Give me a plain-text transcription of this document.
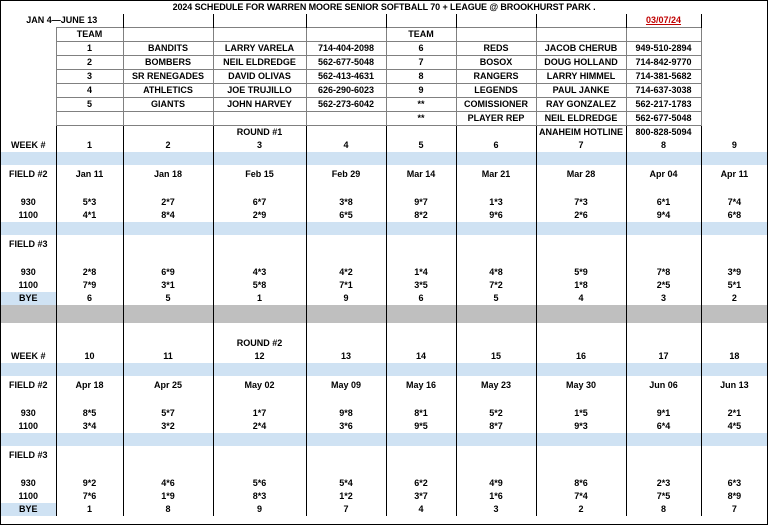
2024 SCHEDULE FOR WARREN MOORE SENIOR SOFTBALL 70 + LEAGUE @ BROOKHURST PARK .									
JAN 4—JUNE 13								03/07/24	
	TEAM				TEAM				
	1	BANDITS	LARRY VARELA	714-404-2098	6	REDS	JACOB CHERUB	949-510-2894	
	2	BOMBERS	NEIL ELDREDGE	562-677-5048	7	BOSOX	DOUG HOLLAND	714-842-9770	
	3	SR RENEGADES	DAVID OLIVAS	562-413-4631	8	RANGERS	LARRY HIMMEL	714-381-5682	
	4	ATHLETICS	JOE TRUJILLO	626-290-6023	9	LEGENDS	PAUL JANKE	714-637-3038	
	5	GIANTS	JOHN HARVEY	562-273-6042	**	COMISSIONER	RAY GONZALEZ	562-217-1783	
					**	PLAYER REP	NEIL ELDREDGE	562-677-5048	
			ROUND #1				ANAHEIM HOTLINE	800-828-5094	
WEEK #	1	2	3	4	5	6	7	8	9

FIELD #2	Jan 11	Jan 18	Feb 15	Feb 29	Mar 14	Mar 21	Mar 28	Apr 04	Apr 11

930	5*3	2*7	6*7	3*8	9*7	1*3	7*3	6*1	7*4
1100	4*1	8*4	2*9	6*5	8*2	9*6	2*6	9*4	6*8

FIELD #3									

930	2*8	6*9	4*3	4*2	1*4	4*8	5*9	7*8	3*9
1100	7*9	3*1	5*8	7*1	3*5	7*2	1*8	2*5	5*1
BYE	6	5	1	9	6	5	4	3	2

			ROUND #2						
WEEK #	10	11	12	13	14	15	16	17	18

FIELD #2	Apr 18	Apr 25	May 02	May 09	May 16	May 23	May 30	Jun 06	Jun 13

930	8*5	5*7	1*7	9*8	8*1	5*2	1*5	9*1	2*1
1100	3*4	3*2	2*4	3*6	9*5	8*7	9*3	6*4	4*5

FIELD #3									

930	9*2	4*6	5*6	5*4	6*2	4*9	8*6	2*3	6*3
1100	7*6	1*9	8*3	1*2	3*7	1*6	7*4	7*5	8*9
BYE	1	8	9	7	4	3	2	8	7
